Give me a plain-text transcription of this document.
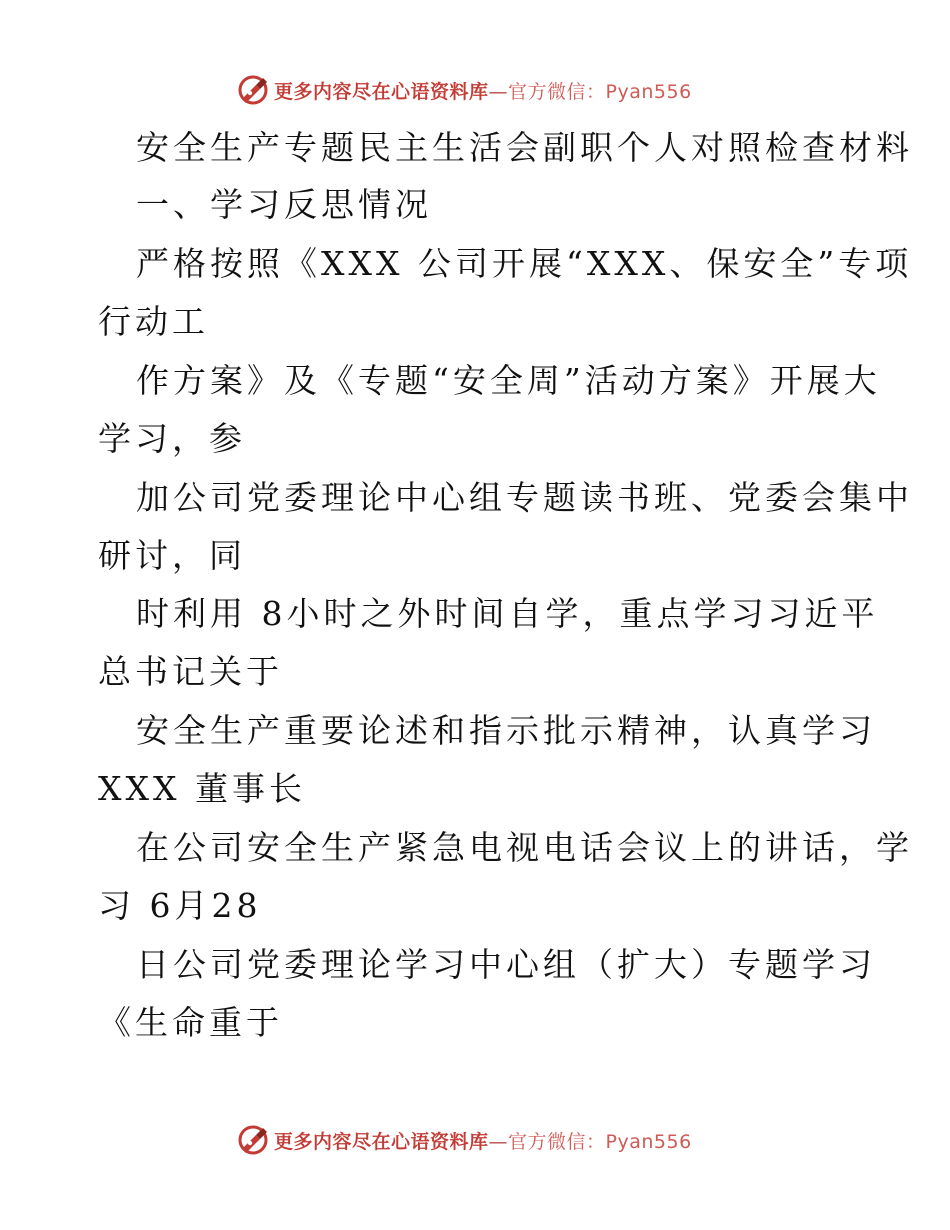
更多内容尽在心语资料库—官方微信：Pyan556
安全生产专题民主生活会副职个人对照检查材料
一、学习反思情况
严格按照《XXX 公司开展“XXX、保安全”专项
行动工
作方案》及《专题“安全周”活动方案》开展大
学习，参
加公司党委理论中心组专题读书班、党委会集中
研讨，同
时利用 8小时之外时间自学，重点学习习近平
总书记关于
安全生产重要论述和指示批示精神，认真学习
XXX 董事长
在公司安全生产紧急电视电话会议上的讲话，学
习 6月28
日公司党委理论学习中心组（扩大）专题学习
《生命重于
更多内容尽在心语资料库—官方微信：Pyan556
